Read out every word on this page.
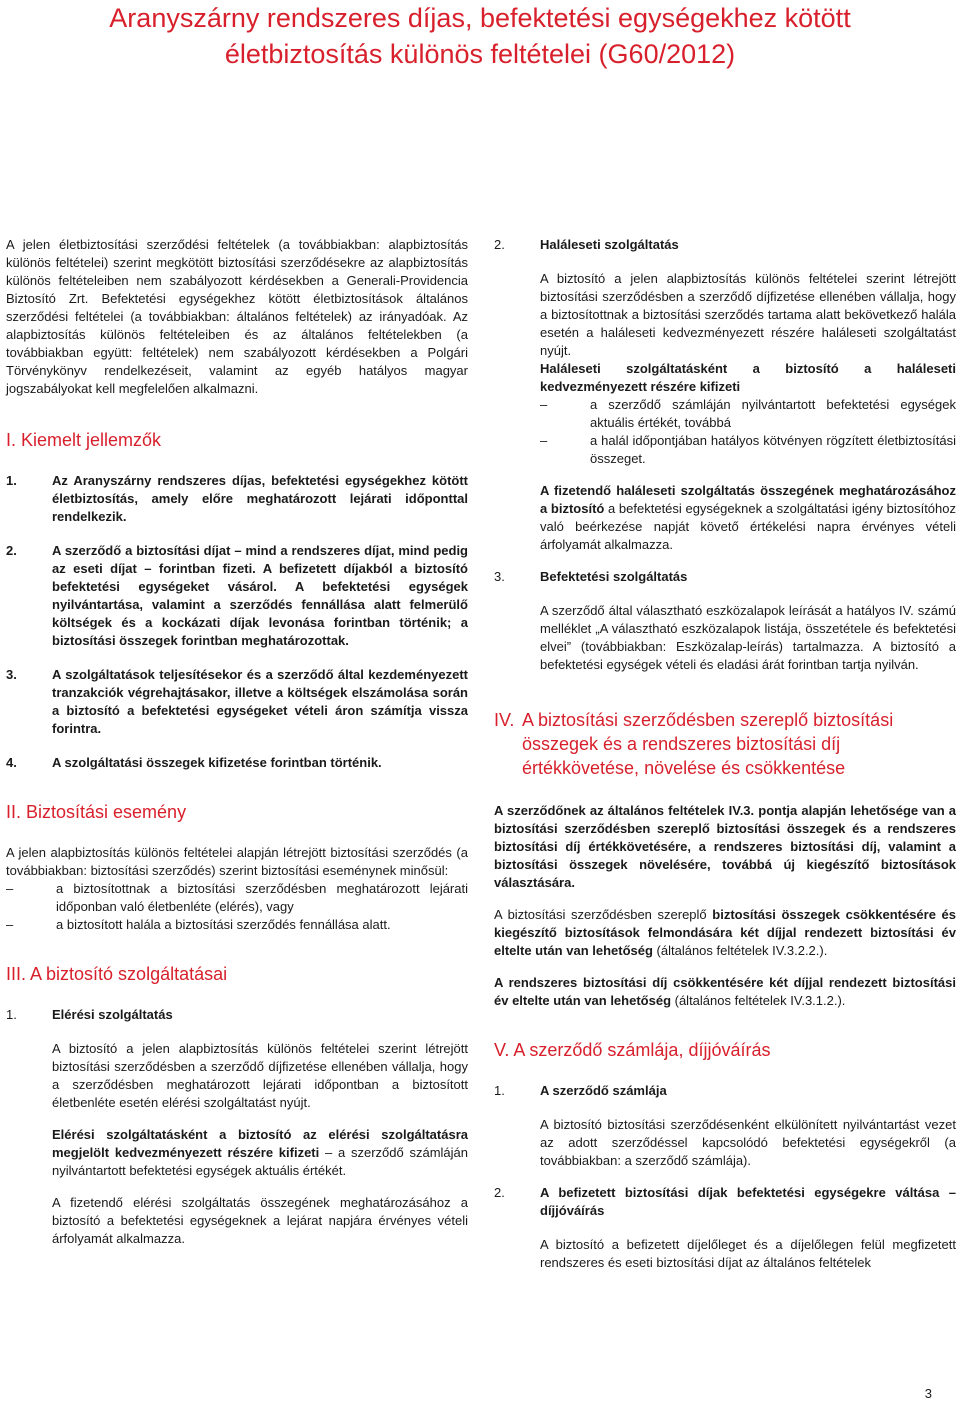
Aranyszárny rendszeres díjas, befektetési egységekhez kötött
életbiztosítás különös feltételei (G60/2012)

A jelen életbiztosítási szerződési feltételek (a továbbiakban: alapbiztosítás különös feltételei) szerint megkötött biztosítási szerződésekre az alapbiztosítás különös feltételeiben nem szabályozott kérdésekben a Generali-Providencia Biztosító Zrt. Befektetési egységekhez kötött életbiztosítások általános szerződési feltételei (a továbbiakban: általános feltételek) az irányadóak. Az alapbiztosítás különös feltételeiben és az általános feltételekben (a továbbiakban együtt: feltételek) nem szabályozott kérdésekben a Polgári Törvénykönyv rendelkezéseit, valamint az egyéb hatályos magyar jogszabályokat kell megfelelően alkalmazni.

I. Kiemelt jellemzők
1.	Az Aranyszárny rendszeres díjas, befektetési egységekhez kötött életbiztosítás, amely előre meghatározott lejárati időponttal rendelkezik.
2.	A szerződő a biztosítási díjat – mind a rendszeres díjat, mind pedig az eseti díjat – forintban fizeti. A befizetett díjakból a biztosító befektetési egységeket vásárol. A befektetési egységek nyilvántartása, valamint a szerződés fennállása alatt felmerülő költségek és a kockázati díjak levonása forintban történik; a biztosítási összegek forintban meghatározottak.
3.	A szolgáltatások teljesítésekor és a szerződő által kezdeményezett tranzakciók végrehajtásakor, illetve a költségek elszámolása során a biztosító a befektetési egységeket vételi áron számítja vissza forintra.
4.	A szolgáltatási összegek kifizetése forintban történik.
II. Biztosítási esemény

A jelen alapbiztosítás különös feltételei alapján létrejött biztosítási szerződés (a továbbiakban: biztosítási szerződés) szerint biztosítási eseménynek minősül:

–	a biztosítottnak a biztosítási szerződésben meghatározott lejárati időponban való életbenléte (elérés), vagy
–	a biztosított halála a biztosítási szerződés fennállása alatt.
III. A biztosító szolgáltatásai
1.	Elérési szolgáltatás

A biztosító a jelen alapbiztosítás különös feltételei szerint létrejött biztosítási szerződésben a szerződő díjfizetése ellenében vállalja, hogy a szerződésben meghatározott lejárati időpontban a biztosított életbenléte esetén elérési szolgáltatást nyújt.

Elérési szolgáltatásként a biztosító az elérési szolgáltatásra megjelölt kedvezményezett részére kifizeti – a szerződő számláján nyilvántartott befektetési egységek aktuális értékét.

A fizetendő elérési szolgáltatás összegének meghatározásához a biztosító a befektetési egységeknek a lejárat napjára érvényes vételi árfolyamát alkalmazza.

2.	Haláleseti szolgáltatás

A biztosító a jelen alapbiztosítás különös feltételei szerint létrejött biztosítási szerződésben a szerződő díjfizetése ellenében vállalja, hogy a biztosítottnak a biztosítási szerződés tartama alatt bekövetkező halála esetén a haláleseti kedvezményezett részére haláleseti szolgáltatást nyújt.

Haláleseti szolgáltatásként a biztosító a haláleseti kedvezményezett részére kifizeti

–	a szerződő számláján nyilvántartott befektetési egységek aktuális értékét, továbbá
–	a halál időpontjában hatályos kötvényen rögzített életbiztosítási összeget.

A fizetendő haláleseti szolgáltatás összegének meghatározásához a biztosító a befektetési egységeknek a szolgáltatási igény biztosítóhoz való beérkezése napját követő értékelési napra érvényes vételi árfolyamát alkalmazza.

3.	Befektetési szolgáltatás

A szerződő által választható eszközalapok leírását a hatályos IV. számú melléklet „A választható eszközalapok listája, összetétele és befektetési elvei” (továbbiakban: Eszközalap-leírás) tartalmazza. A biztosító a befektetési egységek vételi és eladási árát forintban tartja nyilván.

IV. A biztosítási szerződésben szereplő biztosítási összegek és a rendszeres biztosítási díj értékkövetése, növelése és csökkentése

A szerződőnek az általános feltételek IV.3. pontja alapján lehetősége van a biztosítási szerződésben szereplő biztosítási összegek és a rendszeres biztosítási díj értékkövetésére, a rendszeres biztosítási díj, valamint a biztosítási összegek növelésére, továbbá új kiegészítő biztosítások választására.

A biztosítási szerződésben szereplő biztosítási összegek csökkentésére és kiegészítő biztosítások felmondására két díjjal rendezett biztosítási év eltelte után van lehetőség (általános feltételek IV.3.2.2.).

A rendszeres biztosítási díj csökkentésére két díjjal rendezett biztosítási év eltelte után van lehetőség (általános feltételek IV.3.1.2.).

V. A szerződő számlája, díjjóváírás
1.	A szerződő számlája

A biztosító biztosítási szerződésenként elkülönített nyilvántartást vezet az adott szerződéssel kapcsolódó befektetési egységekről (a továbbiakban: a szerződő számlája).

2.	A befizetett biztosítási díjak befektetési egységekre váltása – díjjóváírás

A biztosító a befizetett díjelőleget és a díjelőlegen felül megfizetett rendszeres és eseti biztosítási díjat az általános feltételek

3
